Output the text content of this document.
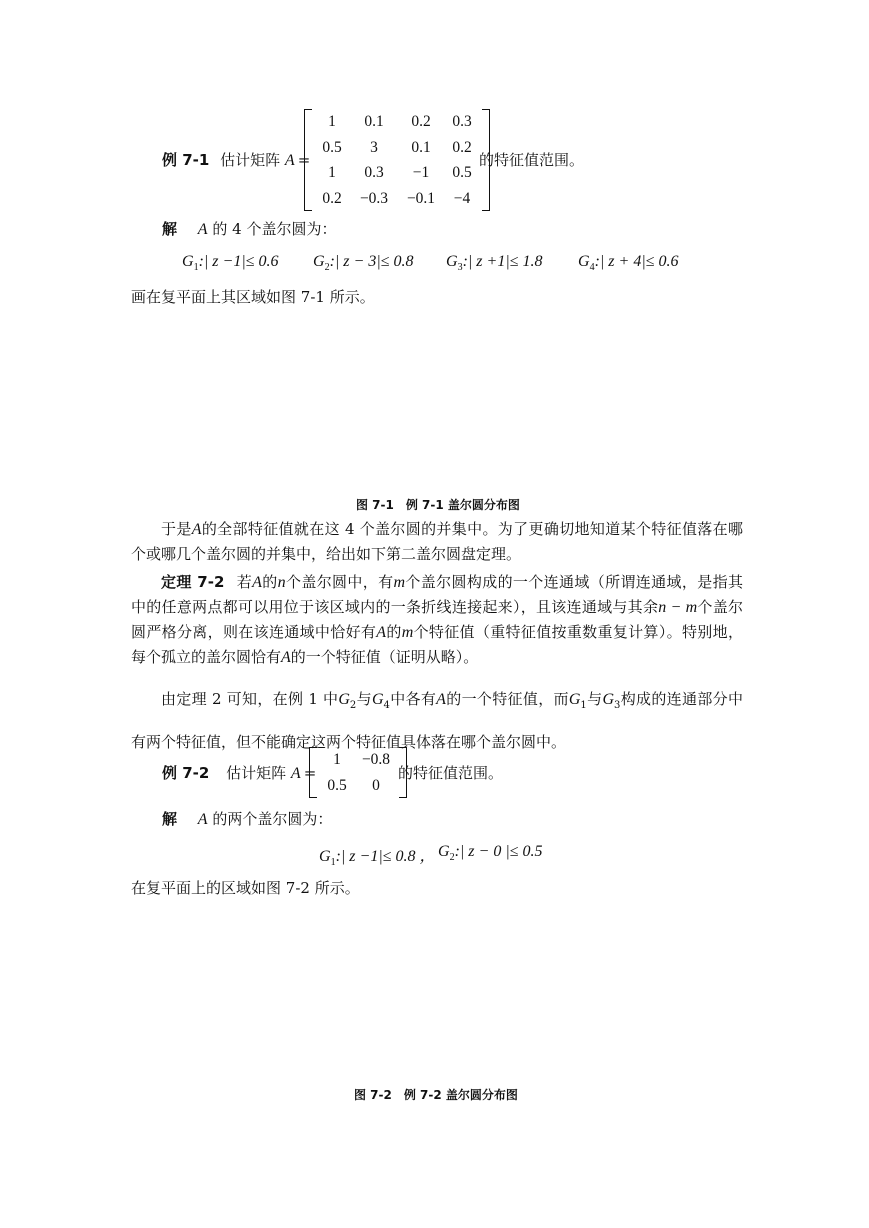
例 7-1 估计矩阵 A =
1	0.1	0.2	0.3
0.5	3	0.1	0.2
1	0.3	−1	0.5
0.2	−0.3	−0.1	−4
的特征值范围。
解 A 的 4 个盖尔圆为：
$G_1:|$ z −1|≤ 0.6 $G_2:|$ z − 3|≤ 0.8 $G_3:|$ z +1|≤ 1.8 $G_4:|$ z + 4|≤ 0.6
画在复平面上其区域如图 7-1 所示。
图 7-1　例 7-1 盖尔圆分布图
于是A的全部特征值就在这 4 个盖尔圆的并集中。为了更确切地知道某个特征值落在哪个或哪几个盖尔圆的并集中，给出如下第二盖尔圆盘定理。
定理 7-2 若A的n个盖尔圆中，有m个盖尔圆构成的一个连通域（所谓连通域，是指其中的任意两点都可以用位于该区域内的一条折线连接起来），且该连通域与其余n − m个盖尔圆严格分离，则在该连通域中恰好有A的m个特征值（重特征值按重数重复计算）。特别地，每个孤立的盖尔圆恰有A的一个特征值（证明从略）。
由定理 2 可知，在例 1 中$G_2$与$G_4$中各有A的一个特征值，而$G_1$与$G_3$构成的连通部分中有两个特征值，但不能确定这两个特征值具体落在哪个盖尔圆中。
例 7-2 估计矩阵 A =
1	−0.8
0.5	0
的特征值范围。
解 A 的两个盖尔圆为：
$G_1:|$ z −1|≤ 0.8 ， $G_2:|$ z − 0 |≤ 0.5
在复平面上的区域如图 7-2 所示。
图 7-2　例 7-2 盖尔圆分布图
